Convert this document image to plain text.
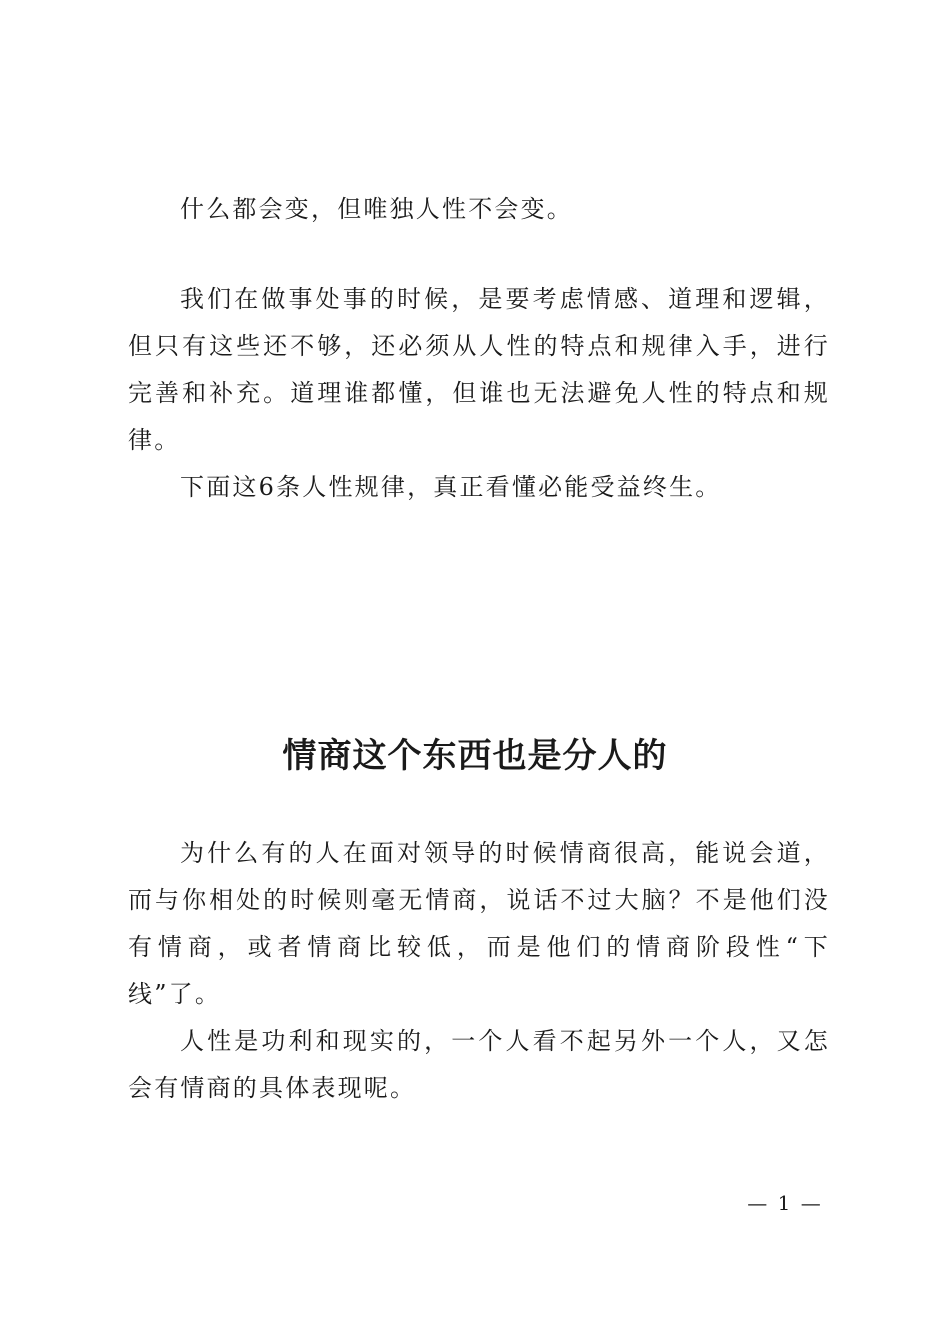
什么都会变，但唯独人性不会变。

我们在做事处事的时候，是要考虑情感、道理和逻辑，但只有这些还不够，还必须从人性的特点和规律入手，进行完善和补充。道理谁都懂，但谁也无法避免人性的特点和规律。

下面这6条人性规律，真正看懂必能受益终生。

情商这个东西也是分人的

为什么有的人在面对领导的时候情商很高，能说会道，而与你相处的时候则毫无情商，说话不过大脑？不是他们没有情商，或者情商比较低，而是他们的情商阶段性“下线”了。

人性是功利和现实的，一个人看不起另外一个人，又怎会有情商的具体表现呢。

— 1 —
